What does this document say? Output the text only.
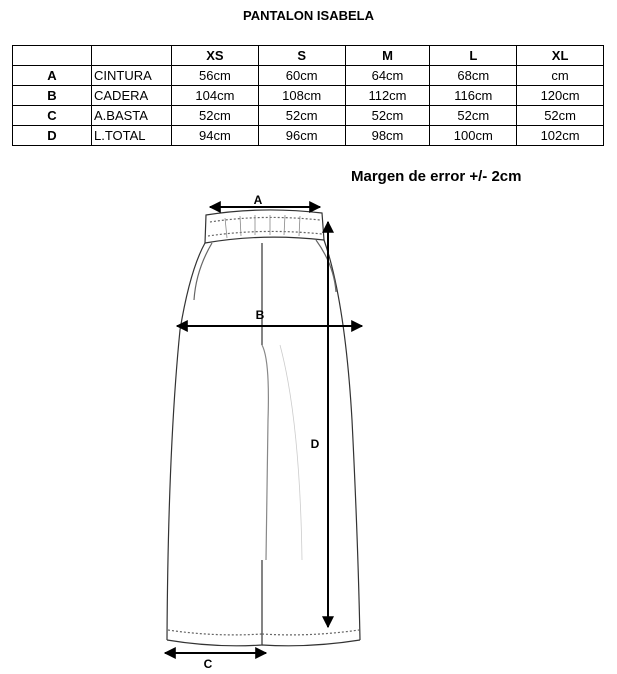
PANTALON ISABELA
		XS	S	M	L	XL
A	CINTURA	56cm	60cm	64cm	68cm	cm
B	CADERA	104cm	108cm	112cm	116cm	120cm
C	A.BASTA	52cm	52cm	52cm	52cm	52cm
D	L.TOTAL	94cm	96cm	98cm	100cm	102cm
Margen de error +/- 2cm
A
B
D
C
